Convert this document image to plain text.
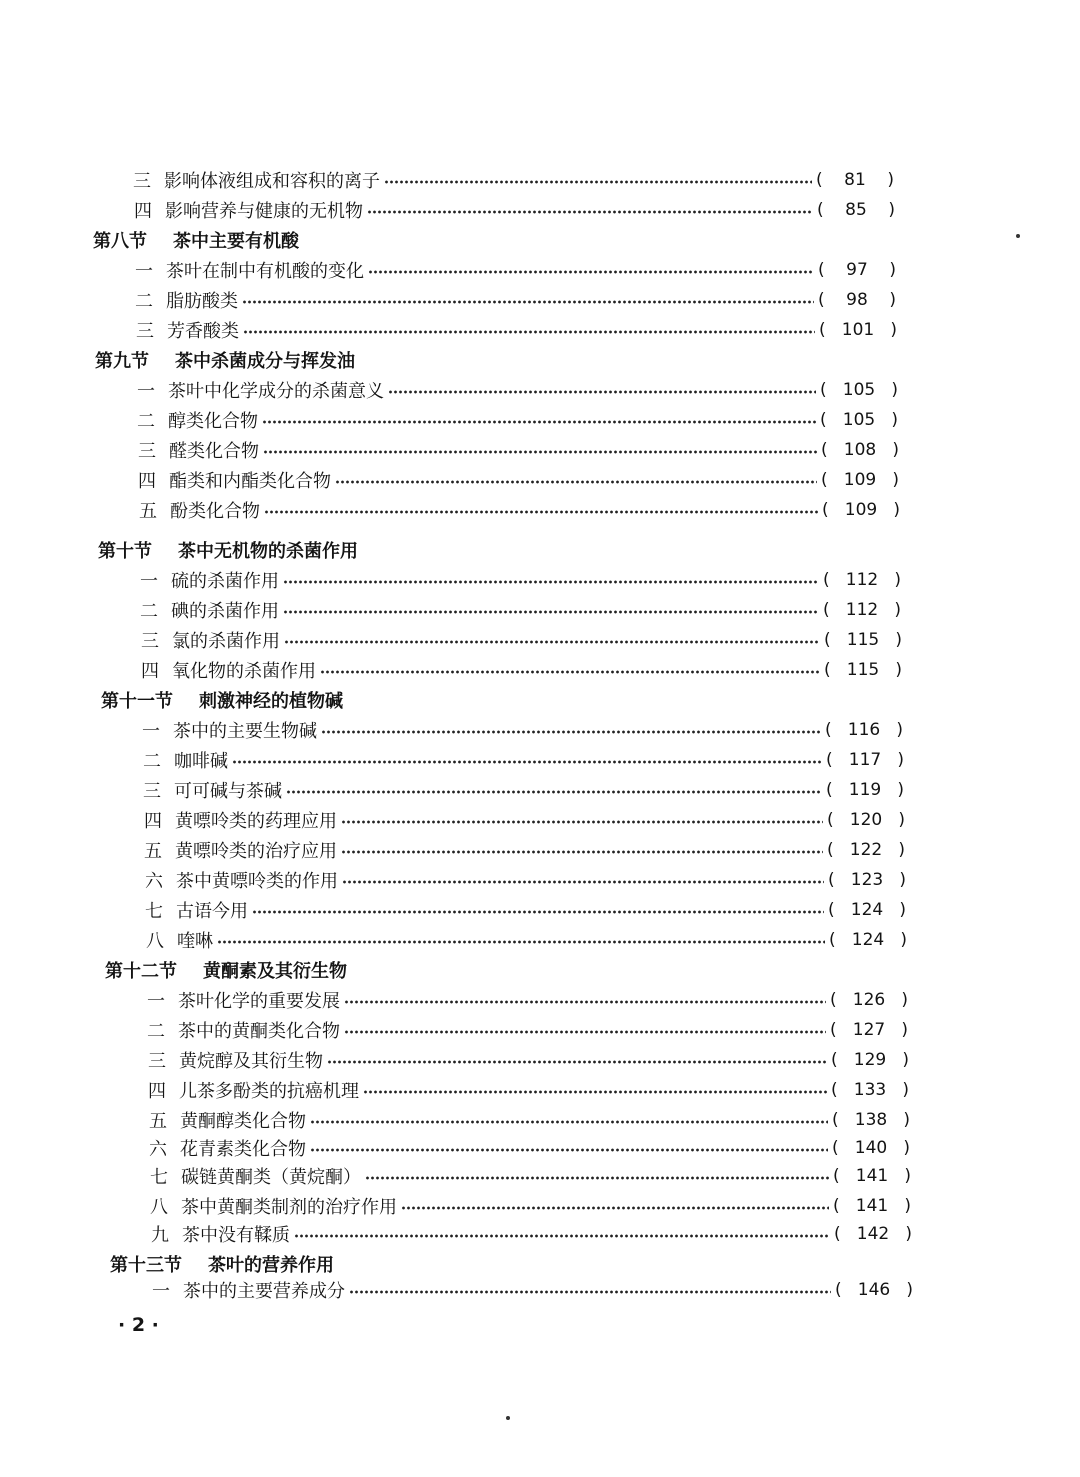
三 影响体液组成和容积的离子	( 81 )
四 影响营养与健康的无机物	( 85 )
第八节 茶中主要有机酸
一 茶叶在制中有机酸的变化	( 97 )
二 脂肪酸类	( 98 )
三 芳香酸类	( 101 )
第九节 茶中杀菌成分与挥发油
一 茶叶中化学成分的杀菌意义	( 105 )
二 醇类化合物	( 105 )
三 醛类化合物	( 108 )
四 酯类和内酯类化合物	( 109 )
五 酚类化合物	( 109 )
第十节 茶中无机物的杀菌作用
一 硫的杀菌作用	( 112 )
二 碘的杀菌作用	( 112 )
三 氯的杀菌作用	( 115 )
四 氧化物的杀菌作用	( 115 )
第十一节 刺激神经的植物碱
一 茶中的主要生物碱	( 116 )
二 咖啡碱	( 117 )
三 可可碱与茶碱	( 119 )
四 黄嘌呤类的药理应用	( 120 )
五 黄嘌呤类的治疗应用	( 122 )
六 茶中黄嘌呤类的作用	( 123 )
七 古语今用	( 124 )
八 喹啉	( 124 )
第十二节 黄酮素及其衍生物
一 茶叶化学的重要发展	( 126 )
二 茶中的黄酮类化合物	( 127 )
三 黄烷醇及其衍生物	( 129 )
四 儿茶多酚类的抗癌机理	( 133 )
五 黄酮醇类化合物	( 138 )
六 花青素类化合物	( 140 )
七 碳链黄酮类（黄烷酮）	( 141 )
八 茶中黄酮类制剂的治疗作用	( 141 )
九 茶中没有鞣质	( 142 )
第十三节 茶叶的营养作用
一 茶中的主要营养成分	( 146 )
· 2 ·
